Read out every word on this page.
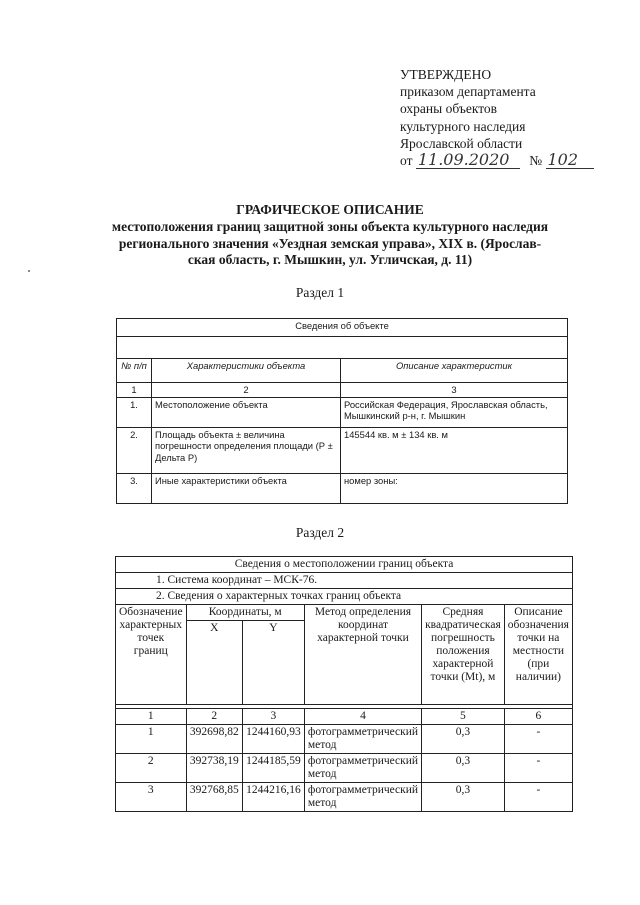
УТВЕРЖДЕНО
приказом департамента
охраны объектов
культурного наследия
Ярославской области
от 11.09.2020 № 102
ГРАФИЧЕСКОЕ ОПИСАНИЕ
местоположения границ защитной зоны объекта культурного наследия
регионального значения «Уездная земская управа», XIX в. (Ярослав-
ская область, г. Мышкин, ул. Угличская, д. 11)
Раздел 1
Сведения об объекте		

№ п/п	Характеристики объекта	Описание характеристик
1	2	3
1.	Местоположение объекта	Российская Федерация, Ярославская область, Мышкинский р-н, г. Мышкин
2.	Площадь объекта ± величина погрешности определения площади (Р ± Дельта Р)	145544 кв. м ± 134 кв. м
3.	Иные характеристики объекта	номер зоны:
Раздел 2
Сведения о местоположении границ объекта					
1. Система координат – МСК-76.					
2. Сведения о характерных точках границ объекта					
Обозначение характерных точек границ	Координаты, м		Метод определения координат характерной точки	Средняя квадратическая погрешность положения характерной точки (Mt), м	Описание обозначения точки на местности (при наличии)
	X	Y			

1	2	3	4	5	6
1	392698,82	1244160,93	фотограмметрический метод	0,3	-
2	392738,19	1244185,59	фотограмметрический метод	0,3	-
3	392768,85	1244216,16	фотограмметрический метод	0,3	-
